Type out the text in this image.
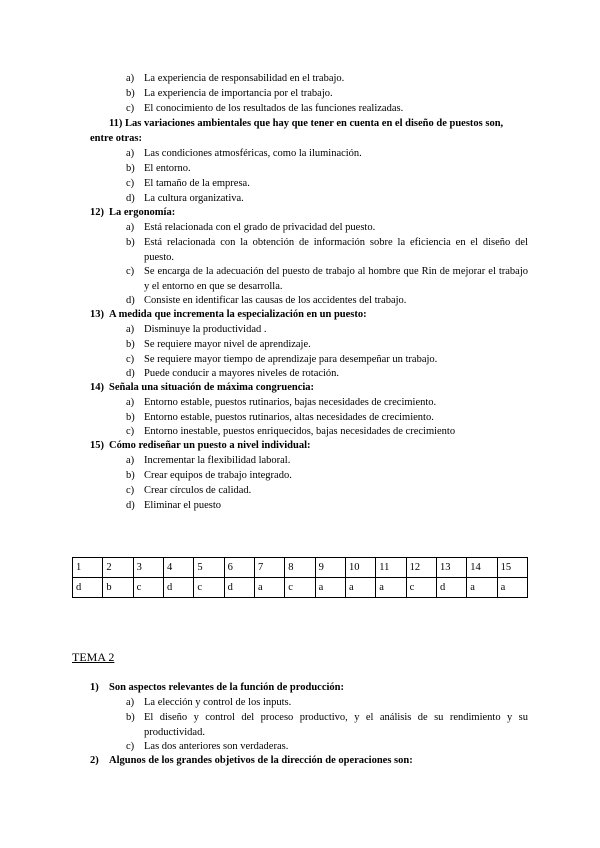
a) La experiencia de responsabilidad en el trabajo.
b) La experiencia de importancia por el trabajo.
c) El conocimiento de los resultados de las funciones realizadas.
11) Las variaciones ambientales que hay que tener en cuenta en el diseño de puestos son, entre otras:
a) Las condiciones atmosféricas, como la iluminación.
b) El entorno.
c) El tamaño de la empresa.
d) La cultura organizativa.
12) La ergonomía:
a) Está relacionada con el grado de privacidad del puesto.
b) Está relacionada con la obtención de información sobre la eficiencia en el diseño del puesto.
c) Se encarga de la adecuación del puesto de trabajo al hombre que Rin de mejorar el trabajo y el entorno en que se desarrolla.
d) Consiste en identificar las causas de los accidentes del trabajo.
13) A medida que incrementa la especialización en un puesto:
a) Disminuye la productividad .
b) Se requiere mayor nivel de aprendizaje.
c) Se requiere mayor tiempo de aprendizaje para desempeñar un trabajo.
d) Puede conducir a mayores niveles de rotación.
14) Señala una situación de máxima congruencia:
a) Entorno estable, puestos rutinarios, bajas necesidades de crecimiento.
b) Entorno estable, puestos rutinarios, altas necesidades de crecimiento.
c) Entorno inestable, puestos enriquecidos, bajas necesidades de crecimiento
15) Cómo rediseñar un puesto a nivel individual:
a) Incrementar la flexibilidad laboral.
b) Crear equipos de trabajo integrado.
c) Crear círculos de calidad.
d) Eliminar el puesto
1	2	3	4	5	6	7	8	9	10	11	12	13	14	15
d	b	c	d	c	d	a	c	a	a	a	c	d	a	a
TEMA 2
1) Son aspectos relevantes de la función de producción:
a) La elección y control de los inputs.
b) El diseño y control del proceso productivo, y el análisis de su rendimiento y su productividad.
c) Las dos anteriores son verdaderas.
2) Algunos de los grandes objetivos de la dirección de operaciones son:
